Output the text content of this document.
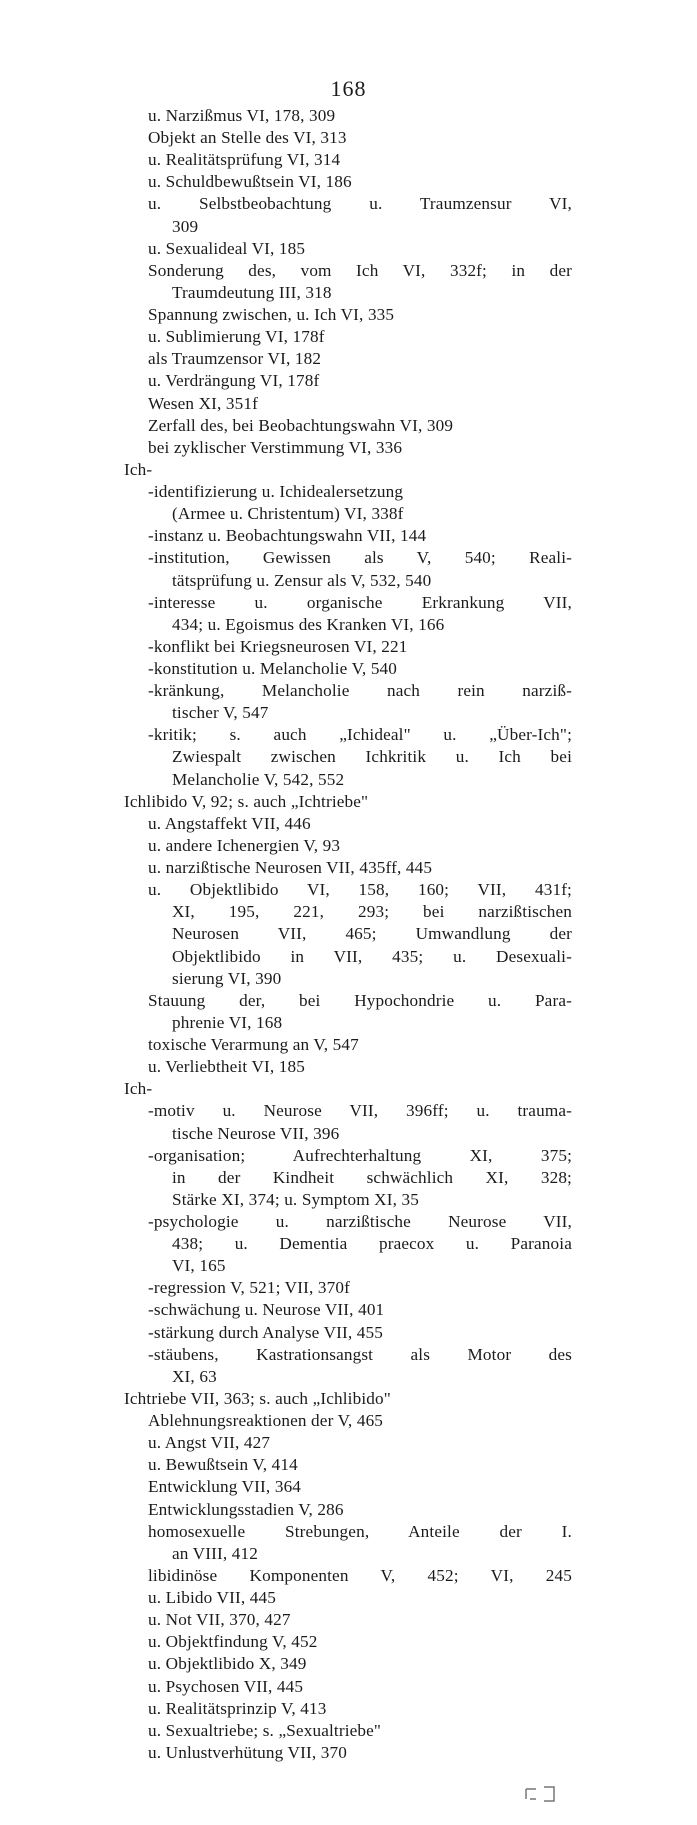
168
u. Narzißmus VI, 178, 309
Objekt an Stelle des VI, 313
u. Realitätsprüfung VI, 314
u. Schuldbewußtsein VI, 186
u. Selbstbeobachtung u. Traumzensur VI,
309
u. Sexualideal VI, 185
Sonderung des, vom Ich VI, 332f; in der
Traumdeutung III, 318
Spannung zwischen, u. Ich VI, 335
u. Sublimierung VI, 178f
als Traumzensor VI, 182
u. Verdrängung VI, 178f
Wesen XI, 351f
Zerfall des, bei Beobachtungswahn VI, 309
bei zyklischer Verstimmung VI, 336
Ich-
-identifizierung u. Ichidealersetzung
(Armee u. Christentum) VI, 338f
-instanz u. Beobachtungswahn VII, 144
-institution, Gewissen als V, 540; Reali-
tätsprüfung u. Zensur als V, 532, 540
-interesse u. organische Erkrankung VII,
434; u. Egoismus des Kranken VI, 166
-konflikt bei Kriegsneurosen VI, 221
-konstitution u. Melancholie V, 540
-kränkung, Melancholie nach rein narziß-
tischer V, 547
-kritik; s. auch „Ichideal" u. „Über-Ich";
Zwiespalt zwischen Ichkritik u. Ich bei
Melancholie V, 542, 552
Ichlibido V, 92; s. auch „Ichtriebe"
u. Angstaffekt VII, 446
u. andere Ichenergien V, 93
u. narzißtische Neurosen VII, 435ff, 445
u. Objektlibido VI, 158, 160; VII, 431f;
XI, 195, 221, 293; bei narzißtischen
Neurosen VII, 465; Umwandlung der
Objektlibido in VII, 435; u. Desexuali-
sierung VI, 390
Stauung der, bei Hypochondrie u. Para-
phrenie VI, 168
toxische Verarmung an V, 547
u. Verliebtheit VI, 185
Ich-
-motiv u. Neurose VII, 396ff; u. trauma-
tische Neurose VII, 396
-organisation; Aufrechterhaltung XI, 375;
in der Kindheit schwächlich XI, 328;
Stärke XI, 374; u. Symptom XI, 35
-psychologie u. narzißtische Neurose VII,
438; u. Dementia praecox u. Paranoia
VI, 165
-regression V, 521; VII, 370f
-schwächung u. Neurose VII, 401
-stärkung durch Analyse VII, 455
-stäubens, Kastrationsangst als Motor des
XI, 63
Ichtriebe VII, 363; s. auch „Ichlibido"
Ablehnungsreaktionen der V, 465
u. Angst VII, 427
u. Bewußtsein V, 414
Entwicklung VII, 364
Entwicklungsstadien V, 286
homosexuelle Strebungen, Anteile der I.
an VIII, 412
libidinöse Komponenten V, 452; VI, 245
u. Libido VII, 445
u. Not VII, 370, 427
u. Objektfindung V, 452
u. Objektlibido X, 349
u. Psychosen VII, 445
u. Realitätsprinzip V, 413
u. Sexualtriebe; s. „Sexualtriebe"
u. Unlustverhütung VII, 370
